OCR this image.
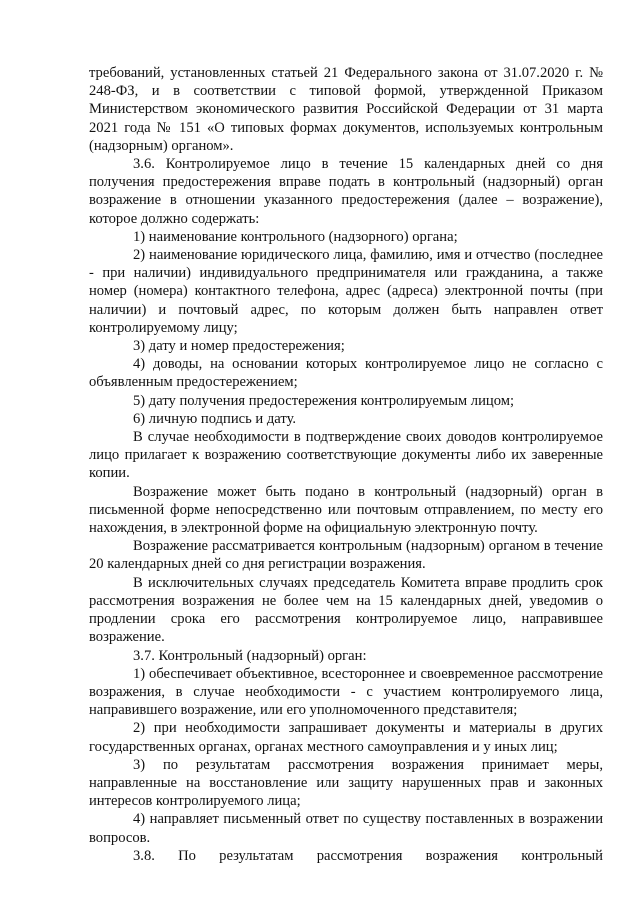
требований, установленных статьей 21 Федерального закона от 31.07.2020 г. № 248-ФЗ, и в соответствии с типовой формой, утвержденной Приказом Министерством экономического развития Российской Федерации от 31 марта 2021 года № 151 «О типовых формах документов, используемых контрольным (надзорным) органом».

3.6. Контролируемое лицо в течение 15 календарных дней со дня получения предостережения вправе подать в контрольный (надзорный) орган возражение в отношении указанного предостережения (далее – возражение), которое должно содержать:

1) наименование контрольного (надзорного) органа;

2) наименование юридического лица, фамилию, имя и отчество (последнее - при наличии) индивидуального предпринимателя или гражданина, а также номер (номера) контактного телефона, адрес (адреса) электронной почты (при наличии) и почтовый адрес, по которым должен быть направлен ответ контролируемому лицу;

3) дату и номер предостережения;

4) доводы, на основании которых контролируемое лицо не согласно с объявленным предостережением;

5) дату получения предостережения контролируемым лицом;

6) личную подпись и дату.

В случае необходимости в подтверждение своих доводов контролируемое лицо прилагает к возражению соответствующие документы либо их заверенные копии.

Возражение может быть подано в контрольный (надзорный) орган в письменной форме непосредственно или почтовым отправлением, по месту его нахождения, в электронной форме на официальную электронную почту.

Возражение рассматривается контрольным (надзорным) органом в течение 20 календарных дней со дня регистрации возражения.

В исключительных случаях председатель Комитета вправе продлить срок рассмотрения возражения не более чем на 15 календарных дней, уведомив о продлении срока его рассмотрения контролируемое лицо, направившее возражение.

3.7. Контрольный (надзорный) орган:

1) обеспечивает объективное, всестороннее и своевременное рассмотрение возражения, в случае необходимости - с участием контролируемого лица, направившего возражение, или его уполномоченного представителя;

2) при необходимости запрашивает документы и материалы в других государственных органах, органах местного самоуправления и у иных лиц;

3) по результатам рассмотрения возражения принимает меры, направленные на восстановление или защиту нарушенных прав и законных интересов контролируемого лица;

4) направляет письменный ответ по существу поставленных в возражении вопросов.

3.8. По результатам рассмотрения возражения контрольный
